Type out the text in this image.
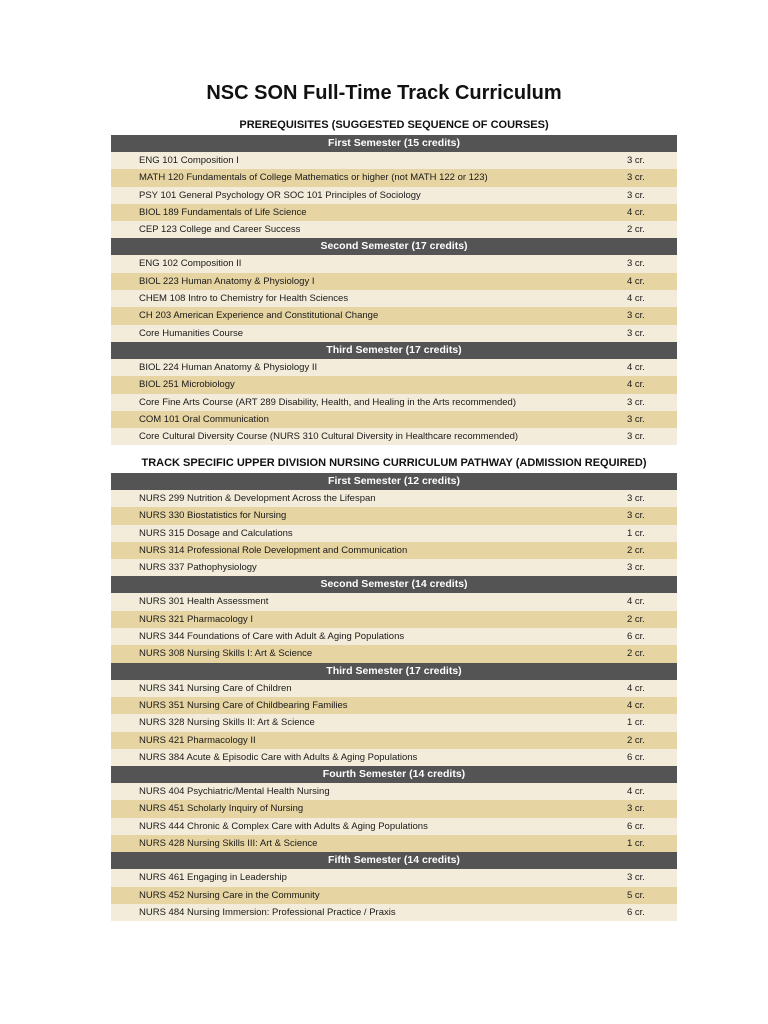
NSC SON Full-Time Track Curriculum
PREREQUISITES (SUGGESTED SEQUENCE OF COURSES)
First Semester (15 credits)
ENG 101 Composition I	3 cr.
MATH 120 Fundamentals of College Mathematics or higher (not MATH 122 or 123)	3 cr.
PSY 101 General Psychology OR SOC 101 Principles of Sociology	3 cr.
BIOL 189 Fundamentals of Life Science	4 cr.
CEP 123 College and Career Success	2 cr.
Second Semester (17 credits)
ENG 102 Composition II	3 cr.
BIOL 223 Human Anatomy & Physiology I	4 cr.
CHEM 108 Intro to Chemistry for Health Sciences	4 cr.
CH 203 American Experience and Constitutional Change	3 cr.
Core Humanities Course	3 cr.
Third Semester (17 credits)
BIOL 224 Human Anatomy & Physiology II	4 cr.
BIOL 251 Microbiology	4 cr.
Core Fine Arts Course (ART 289 Disability, Health, and Healing in the Arts recommended)	3 cr.
COM 101 Oral Communication	3 cr.
Core Cultural Diversity Course (NURS 310 Cultural Diversity in Healthcare recommended)	3 cr.
TRACK SPECIFIC UPPER DIVISION NURSING CURRICULUM PATHWAY (ADMISSION REQUIRED)
First Semester (12 credits)
NURS 299 Nutrition & Development Across the Lifespan	3 cr.
NURS 330 Biostatistics for Nursing	3 cr.
NURS 315 Dosage and Calculations	1 cr.
NURS 314 Professional Role Development and Communication	2 cr.
NURS 337 Pathophysiology	3 cr.
Second Semester (14 credits)
NURS 301 Health Assessment	4 cr.
NURS 321 Pharmacology I	2 cr.
NURS 344 Foundations of Care with Adult & Aging Populations	6 cr.
NURS 308 Nursing Skills I: Art & Science	2 cr.
Third Semester (17 credits)
NURS 341 Nursing Care of Children	4 cr.
NURS 351 Nursing Care of Childbearing Families	4 cr.
NURS 328 Nursing Skills II: Art & Science	1 cr.
NURS 421 Pharmacology II	2 cr.
NURS 384 Acute & Episodic Care with Adults & Aging Populations	6 cr.
Fourth Semester (14 credits)
NURS 404 Psychiatric/Mental Health Nursing	4 cr.
NURS 451 Scholarly Inquiry of Nursing	3 cr.
NURS 444 Chronic & Complex Care with Adults & Aging Populations	6 cr.
NURS 428 Nursing Skills III: Art & Science	1 cr.
Fifth Semester (14 credits)
NURS 461 Engaging in Leadership	3 cr.
NURS 452 Nursing Care in the Community	5 cr.
NURS 484 Nursing Immersion: Professional Practice / Praxis	6 cr.
